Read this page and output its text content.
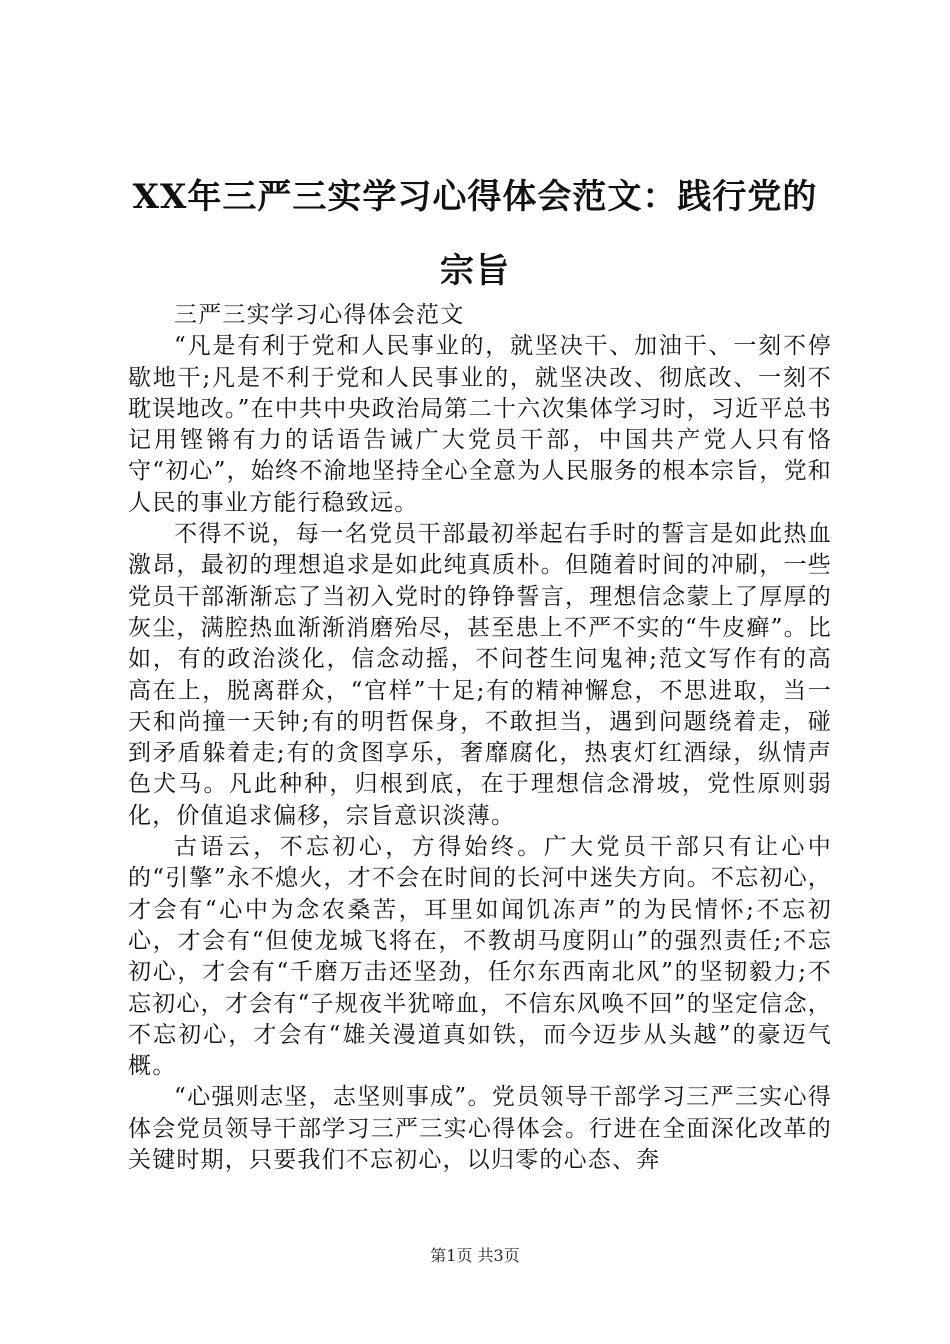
XX年三严三实学习心得体会范文：践行党的宗旨

三严三实学习心得体会范文

“凡是有利于党和人民事业的，就坚决干、加油干、一刻不停歇地干;凡是不利于党和人民事业的，就坚决改、彻底改、一刻不耽误地改。”在中共中央政治局第二十六次集体学习时，习近平总书记用铿锵有力的话语告诫广大党员干部，中国共产党人只有恪守“初心”，始终不渝地坚持全心全意为人民服务的根本宗旨，党和人民的事业方能行稳致远。

不得不说，每一名党员干部最初举起右手时的誓言是如此热血激昂，最初的理想追求是如此纯真质朴。但随着时间的冲刷，一些党员干部渐渐忘了当初入党时的铮铮誓言，理想信念蒙上了厚厚的灰尘，满腔热血渐渐消磨殆尽，甚至患上不严不实的“牛皮癣”。比如，有的政治淡化，信念动摇，不问苍生问鬼神;范文写作有的高高在上，脱离群众，“官样”十足;有的精神懈怠，不思进取，当一天和尚撞一天钟;有的明哲保身，不敢担当，遇到问题绕着走，碰到矛盾躲着走;有的贪图享乐，奢靡腐化，热衷灯红酒绿，纵情声色犬马。凡此种种，归根到底，在于理想信念滑坡，党性原则弱化，价值追求偏移，宗旨意识淡薄。

古语云，不忘初心，方得始终。广大党员干部只有让心中的“引擎”永不熄火，才不会在时间的长河中迷失方向。不忘初心，才会有“心中为念农桑苦，耳里如闻饥冻声”的为民情怀;不忘初心，才会有“但使龙城飞将在，不教胡马度阴山”的强烈责任;不忘初心，才会有“千磨万击还坚劲，任尔东西南北风”的坚韧毅力;不忘初心，才会有“子规夜半犹啼血，不信东风唤不回”的坚定信念，不忘初心，才会有“雄关漫道真如铁，而今迈步从头越”的豪迈气概。

“心强则志坚，志坚则事成”。党员领导干部学习三严三实心得体会党员领导干部学习三严三实心得体会。行进在全面深化改革的关键时期，只要我们不忘初心，以归零的心态、奔

第1页 共3页
